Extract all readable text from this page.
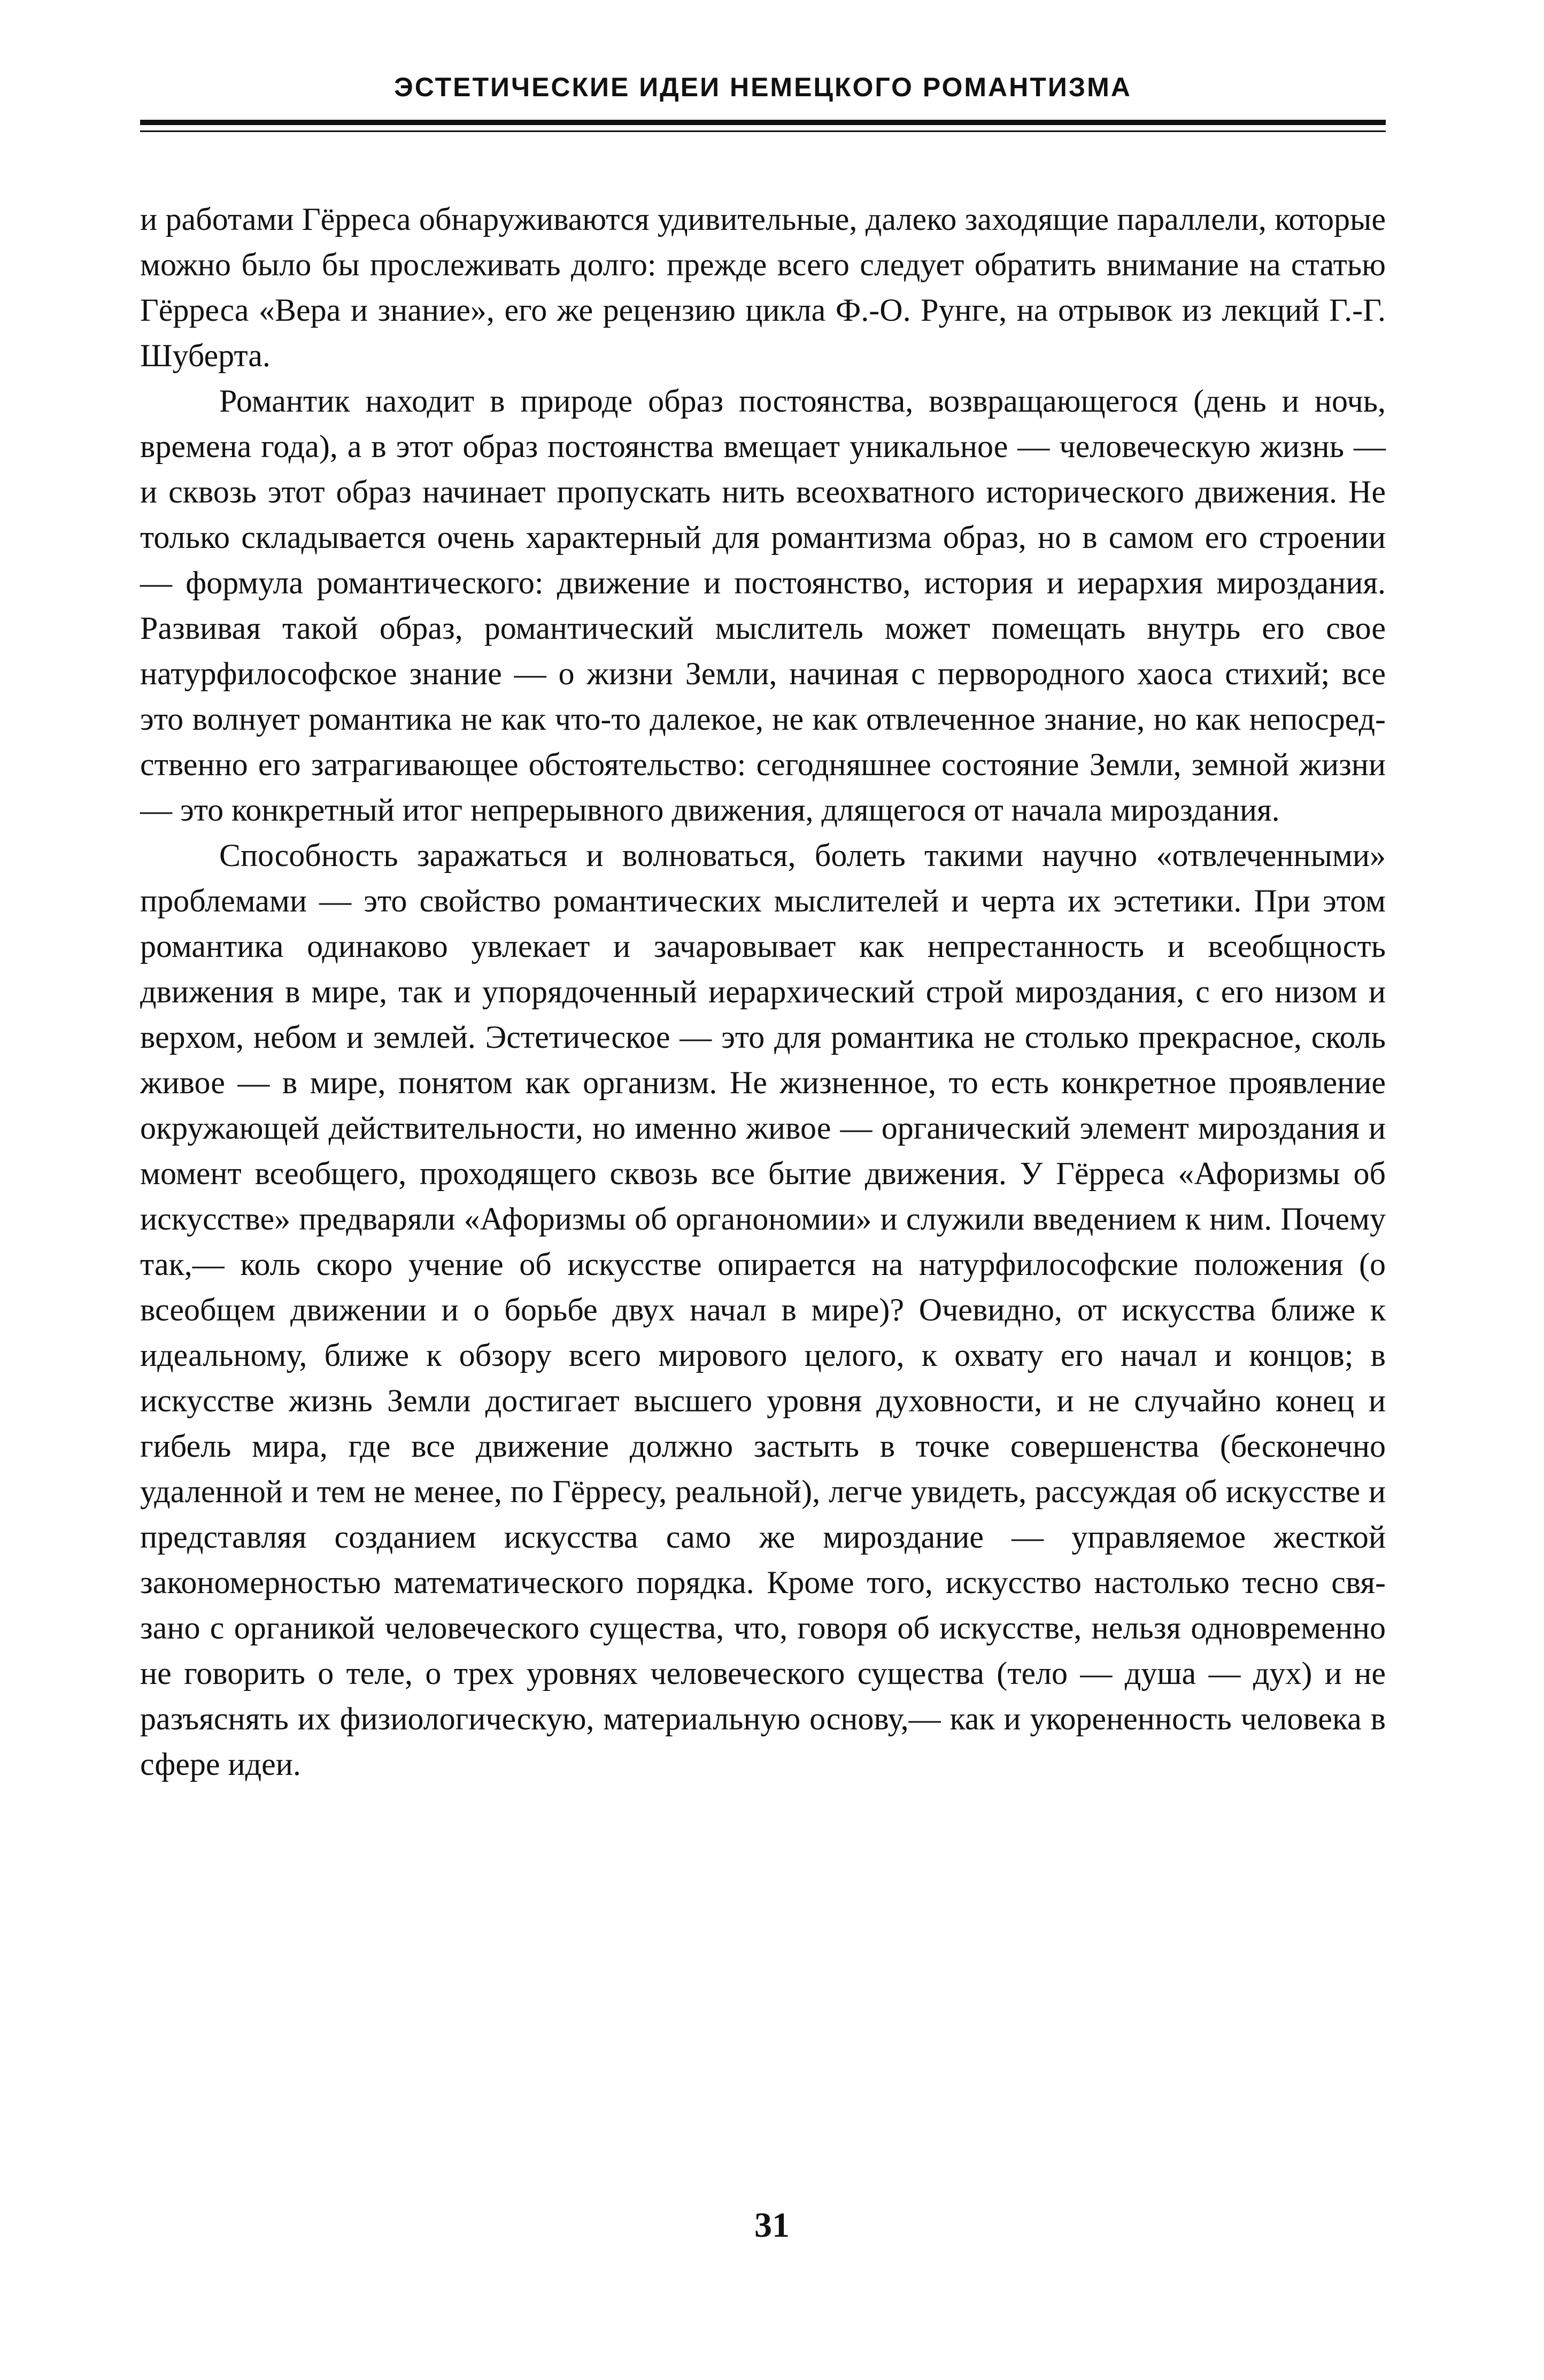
ЭСТЕТИЧЕСКИЕ ИДЕИ НЕМЕЦКОГО РОМАНТИЗМА

и работами Гёрреса обнаруживаются удивительные, далеко заходящие параллели, которые можно было бы прослеживать долго: прежде всего следует обратить внимание на статью Гёрреса «Вера и знание», его же рецензию цикла Ф.-О. Рунге, на отрывок из лекций Г.-Г. Шуберта.

Романтик находит в природе образ постоянства, возвращающегося (день и ночь, времена года), а в этот образ постоянства вмещает уникальное — человеческую жизнь — и сквозь этот образ начинает пропускать нить всеохватного исторического движения. Не только складывается очень характерный для романтизма образ, но в самом его строении — формула романтического: движение и постоянство, история и иерархия мироздания. Развивая такой образ, романтический мыслитель может помещать внутрь его свое натурфилософское знание — о жизни Земли, начиная с первородного хаоса стихий; все это волнует романтика не как что-то далекое, не как отвлеченное знание, но как непосредственно его затрагивающее обстоятельство: сегодняшнее состояние Земли, земной жизни — это конкретный итог непрерывного движения, длящегося от начала мироздания.

Способность заражаться и волноваться, болеть такими научно «отвлеченными» проблемами — это свойство романтических мыслителей и черта их эстетики. При этом романтика одинаково увлекает и зачаровывает как непрестанность и всеобщность движения в мире, так и упорядоченный иерархический строй мироздания, с его низом и верхом, небом и землей. Эстетическое — это для романтика не столько прекрасное, сколь живое — в мире, понятом как организм. Не жизненное, то есть конкретное проявление окружающей действительности, но именно живое — органический элемент мироздания и момент всеобщего, проходящего сквозь все бытие движения. У Гёрреса «Афоризмы об искусстве» предваряли «Афоризмы об органономии» и служили введением к ним. Почему так,— коль скоро учение об искусстве опирается на натурфилософские положения (о всеобщем движении и о борьбе двух начал в мире)? Очевидно, от искусства ближе к идеальному, ближе к обзору всего мирового целого, к охвату его начал и концов; в искусстве жизнь Земли достигает высшего уровня духовности, и не случайно конец и гибель мира, где все движение должно застыть в точке совершенства (бесконечно удаленной и тем не менее, по Гёрресу, реальной), легче увидеть, рассуждая об искусстве и представляя созданием искусства само же мироздание — управляемое жесткой закономерностью математического порядка. Кроме того, искусство настолько тесно связано с органикой человеческого существа, что, говоря об искусстве, нельзя одновременно не говорить о теле, о трех уровнях человеческого существа (тело — душа — дух) и не разъяснять их физиологическую, материальную основу,— как и укорененность человека в сфере идеи.

31
